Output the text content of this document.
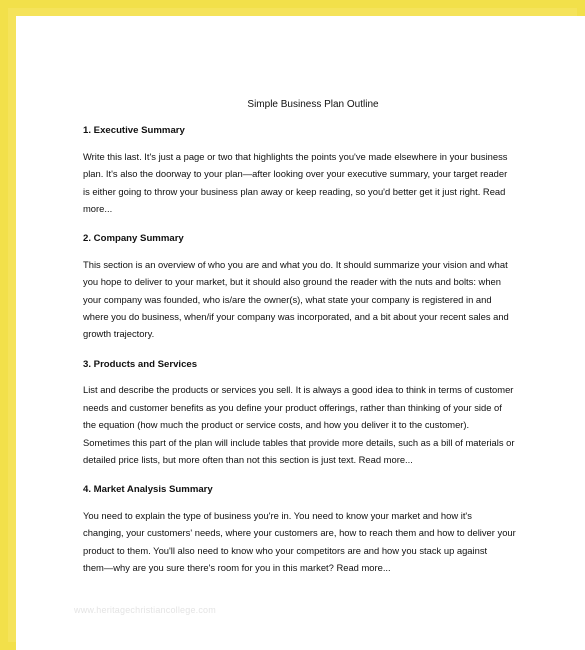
Simple Business Plan Outline
1. Executive Summary
Write this last. It's just a page or two that highlights the points you've made elsewhere in your business
plan. It's also the doorway to your plan—after looking over your executive summary, your target reader
is either going to throw your business plan away or keep reading, so you'd better get it just right. Read
more...
2. Company Summary
This section is an overview of who you are and what you do. It should summarize your vision and what
you hope to deliver to your market, but it should also ground the reader with the nuts and bolts: when
your company was founded, who is/are the owner(s), what state your company is registered in and
where you do business, when/if your company was incorporated, and a bit about your recent sales and
growth trajectory.
3. Products and Services
List and describe the products or services you sell. It is always a good idea to think in terms of customer
needs and customer benefits as you define your product offerings, rather than thinking of your side of
the equation (how much the product or service costs, and how you deliver it to the customer).
Sometimes this part of the plan will include tables that provide more details, such as a bill of materials or
detailed price lists, but more often than not this section is just text. Read more...
4. Market Analysis Summary
You need to explain the type of business you're in. You need to know your market and how it's
changing, your customers' needs, where your customers are, how to reach them and how to deliver your
product to them. You'll also need to know who your competitors are and how you stack up against
them—why are you sure there's room for you in this market? Read more...
www.heritagechristiancollege.com
